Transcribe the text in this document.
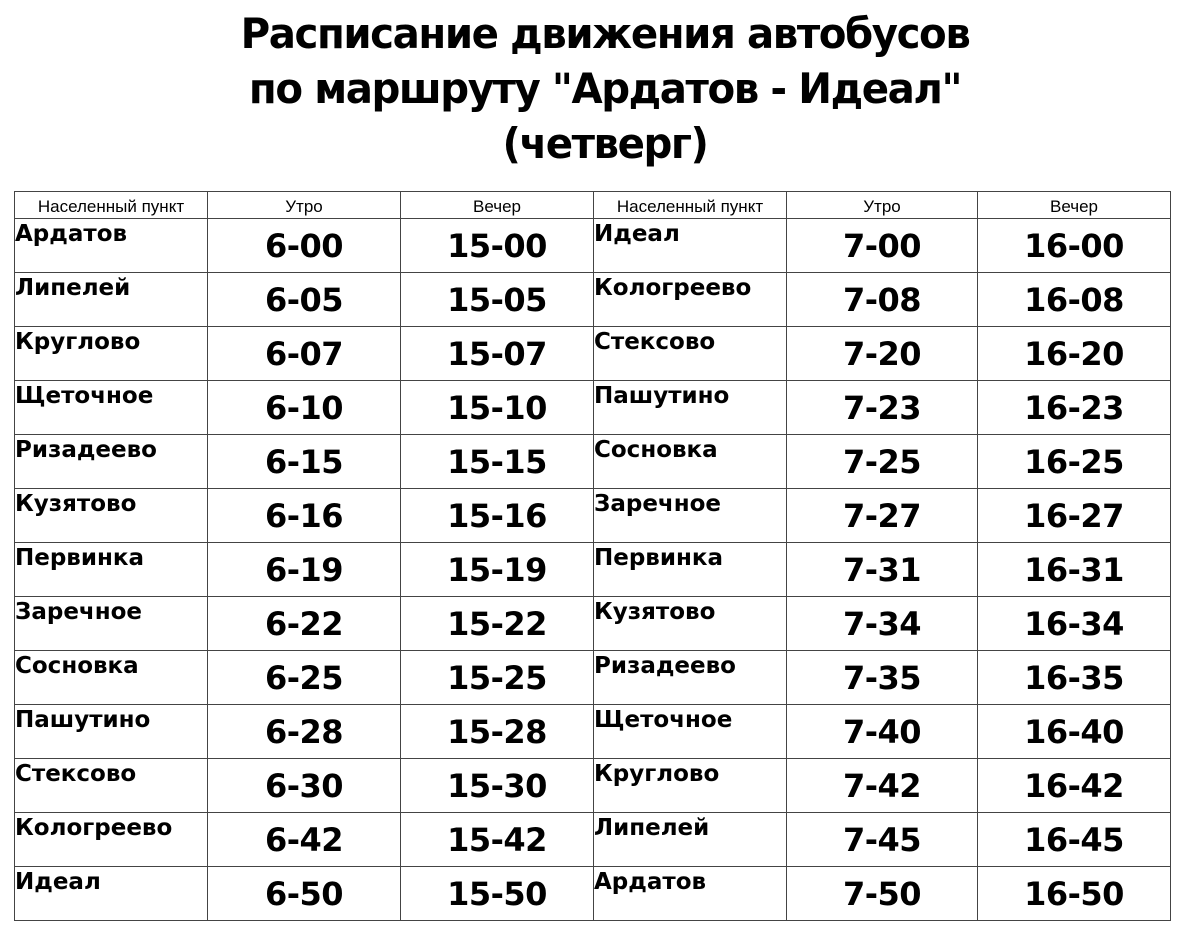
Расписание движения автобусов
по маршруту "Ардатов - Идеал"
(четверг)
Населенный пункт	Утро	Вечер	Населенный пункт	Утро	Вечер
Ардатов	6-00	15-00	Идеал	7-00	16-00
Липелей	6-05	15-05	Кологреево	7-08	16-08
Круглово	6-07	15-07	Стексово	7-20	16-20
Щеточное	6-10	15-10	Пашутино	7-23	16-23
Ризадеево	6-15	15-15	Сосновка	7-25	16-25
Кузятово	6-16	15-16	Заречное	7-27	16-27
Первинка	6-19	15-19	Первинка	7-31	16-31
Заречное	6-22	15-22	Кузятово	7-34	16-34
Сосновка	6-25	15-25	Ризадеево	7-35	16-35
Пашутино	6-28	15-28	Щеточное	7-40	16-40
Стексово	6-30	15-30	Круглово	7-42	16-42
Кологреево	6-42	15-42	Липелей	7-45	16-45
Идеал	6-50	15-50	Ардатов	7-50	16-50
